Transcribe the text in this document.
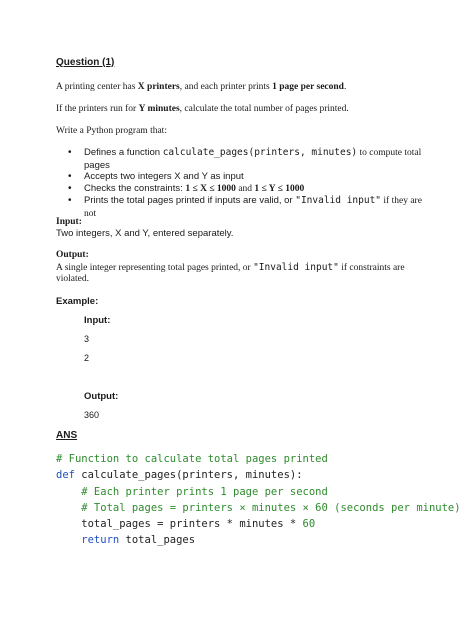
Question (1)
A printing center has X printers, and each printer prints 1 page per second.
If the printers run for Y minutes, calculate the total number of pages printed.
Write a Python program that:
• Defines a function calculate_pages(printers, minutes) to compute total
pages
• Accepts two integers X and Y as input
• Checks the constraints: 1 ≤ X ≤ 1000 and 1 ≤ Y ≤ 1000
• Prints the total pages printed if inputs are valid, or "Invalid input" if they are not
Input:
Two integers, X and Y, entered separately.
Output:
A single integer representing total pages printed, or "Invalid input" if constraints are
violated.
Example:
Input:
3
2
Output:
360
ANS
# Function to calculate total pages printed
def calculate_pages(printers, minutes):
# Each printer prints 1 page per second
# Total pages = printers × minutes × 60 (seconds per minute)
total_pages = printers * minutes * 60
return total_pages
